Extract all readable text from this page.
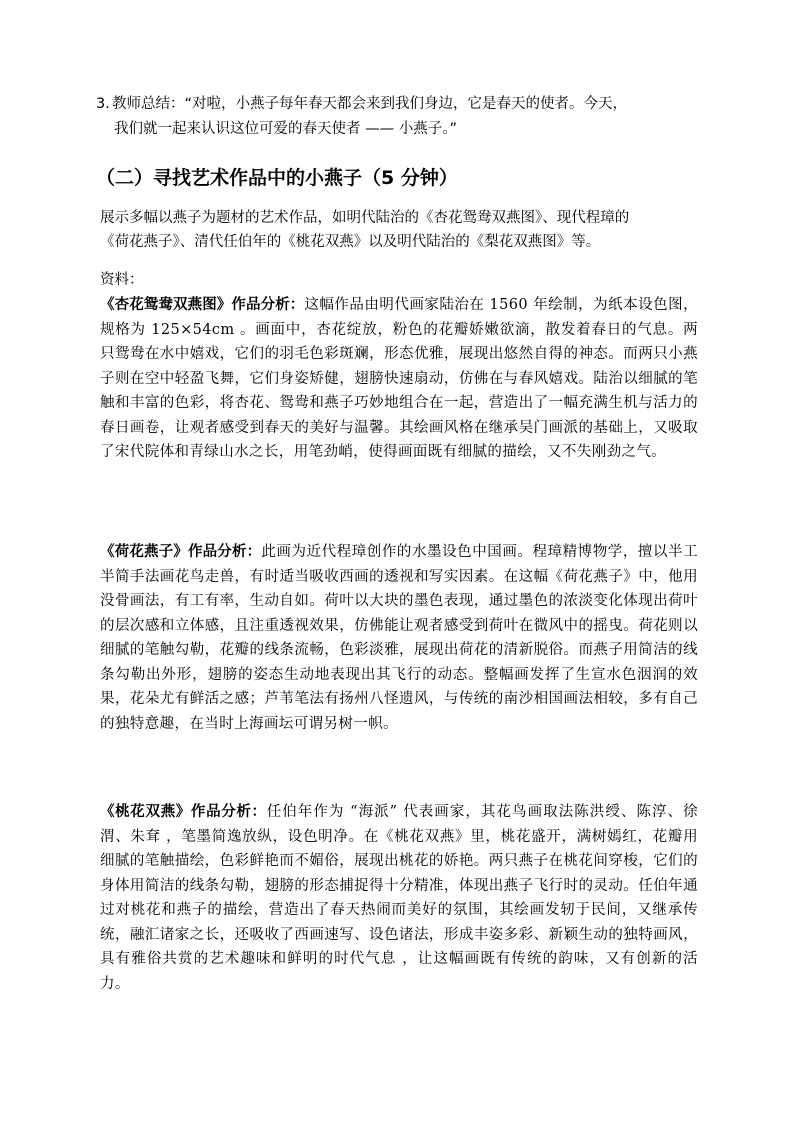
3. 教师总结：“对啦，小燕子每年春天都会来到我们身边，它是春天的使者。今天，
我们就一起来认识这位可爱的春天使者 —— 小燕子。”
（二）寻找艺术作品中的小燕子（5 分钟）
展示多幅以燕子为题材的艺术作品，如明代陆治的《杏花鸳鸯双燕图》、现代程璋的
《荷花燕子》、清代任伯年的《桃花双燕》以及明代陆治的《梨花双燕图》等。
资料：
《杏花鸳鸯双燕图》作品分析：这幅作品由明代画家陆治在 1560 年绘制，为纸本设色图，规格为 125×54cm 。画面中，杏花绽放，粉色的花瓣娇嫩欲滴，散发着春日的气息。两只鸳鸯在水中嬉戏，它们的羽毛色彩斑斓，形态优雅，展现出悠然自得的神态。而两只小燕子则在空中轻盈飞舞，它们身姿矫健，翅膀快速扇动，仿佛在与春风嬉戏。陆治以细腻的笔触和丰富的色彩，将杏花、鸳鸯和燕子巧妙地组合在一起，营造出了一幅充满生机与活力的春日画卷，让观者感受到春天的美好与温馨。其绘画风格在继承吴门画派的基础上，又吸取了宋代院体和青绿山水之长，用笔劲峭，使得画面既有细腻的描绘，又不失刚劲之气。
《荷花燕子》作品分析：此画为近代程璋创作的水墨设色中国画。程璋精博物学，擅以半工半简手法画花鸟走兽，有时适当吸收西画的透视和写实因素。在这幅《荷花燕子》中，他用没骨画法，有工有率，生动自如。荷叶以大块的墨色表现，通过墨色的浓淡变化体现出荷叶的层次感和立体感，且注重透视效果，仿佛能让观者感受到荷叶在微风中的摇曳。荷花则以细腻的笔触勾勒，花瓣的线条流畅，色彩淡雅，展现出荷花的清新脱俗。而燕子用简洁的线条勾勒出外形，翅膀的姿态生动地表现出其飞行的动态。整幅画发挥了生宣水色洇润的效果，花朵尤有鲜活之感；芦苇笔法有扬州八怪遗风，与传统的南沙相国画法相较，多有自己的独特意趣，在当时上海画坛可谓另树一帜。
《桃花双燕》作品分析：任伯年作为 “海派” 代表画家，其花鸟画取法陈洪绶、陈淳、徐渭、朱耷 ，笔墨简逸放纵，设色明净。在《桃花双燕》里，桃花盛开，满树嫣红，花瓣用细腻的笔触描绘，色彩鲜艳而不媚俗，展现出桃花的娇艳。两只燕子在桃花间穿梭，它们的身体用简洁的线条勾勒，翅膀的形态捕捉得十分精准，体现出燕子飞行时的灵动。任伯年通过对桃花和燕子的描绘，营造出了春天热闹而美好的氛围，其绘画发轫于民间，又继承传统，融汇诸家之长，还吸收了西画速写、设色诸法，形成丰姿多彩、新颖生动的独特画风，具有雅俗共赏的艺术趣味和鲜明的时代气息 ，让这幅画既有传统的韵味，又有创新的活力。
